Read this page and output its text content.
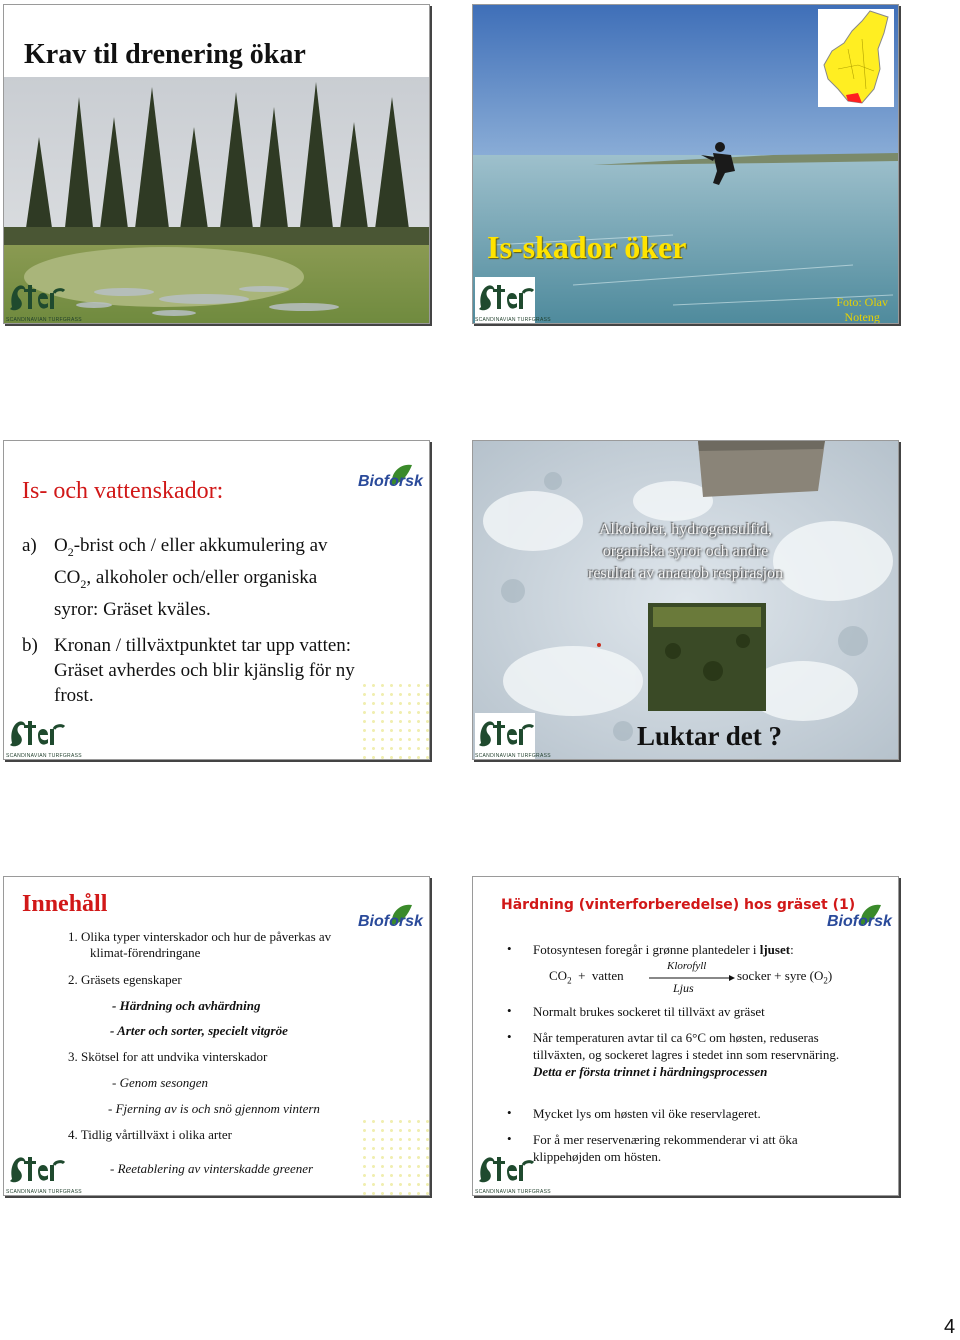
Krav til drenering ökar
SCANDINAVIAN TURFGRASS
Is-skador öker
Foto: Olav
Noteng
SCANDINAVIAN TURFGRASS
Is- och vattenskador:	Bioforsk
a) $O_2$-brist och / eller akkumulering av
$CO_2$, alkoholer och/eller organiska
syror: Gräset kväles.
b) Kronan / tillväxtpunktet tar upp vatten:
Gräset avherdes och blir kjänslig för ny
frost.
SCANDINAVIAN TURFGRASS
Alkoholer, hydrogensulfid,
organiska syror och andre
resultat av anaerob respirasjon
Luktar det ?
SCANDINAVIAN TURFGRASS
Innehåll
Bioforsk
1. Olika typer vinterskador och hur de påverkas av
klimat-förendringane
2. Gräsets egenskaper
- Härdning och avhärdning
- Arter och sorter, specielt vitgröe
3. Skötsel for att undvika vinterskador
- Genom sesongen
- Fjerning av is och snö gjennom vintern
4. Tidlig vårtillväxt i olika arter
- Reetablering av vinterskadde greener
SCANDINAVIAN TURFGRASS
Härdning (vinterforberedelse) hos gräset (1)
Bioforsk
• Fotosyntesen foregår i grønne plantedeler i ljuset:
$CO_2$  +  vatten
Klorofyll
Ljus
socker + syre $(O_2)$
• Normalt brukes sockeret til tillväxt av gräset
• Når temperaturen avtar til ca 6°C om høsten, reduseras
tillväxten, og sockeret lagres i stedet inn som reservnäring.
Detta er första trinnet i härdningsprocessen
• Mycket lys om høsten vil öke reservlageret.
• For å mer reservenæring rekommenderar vi att öka
klippehøjden om hösten.
SCANDINAVIAN TURFGRASS
4
